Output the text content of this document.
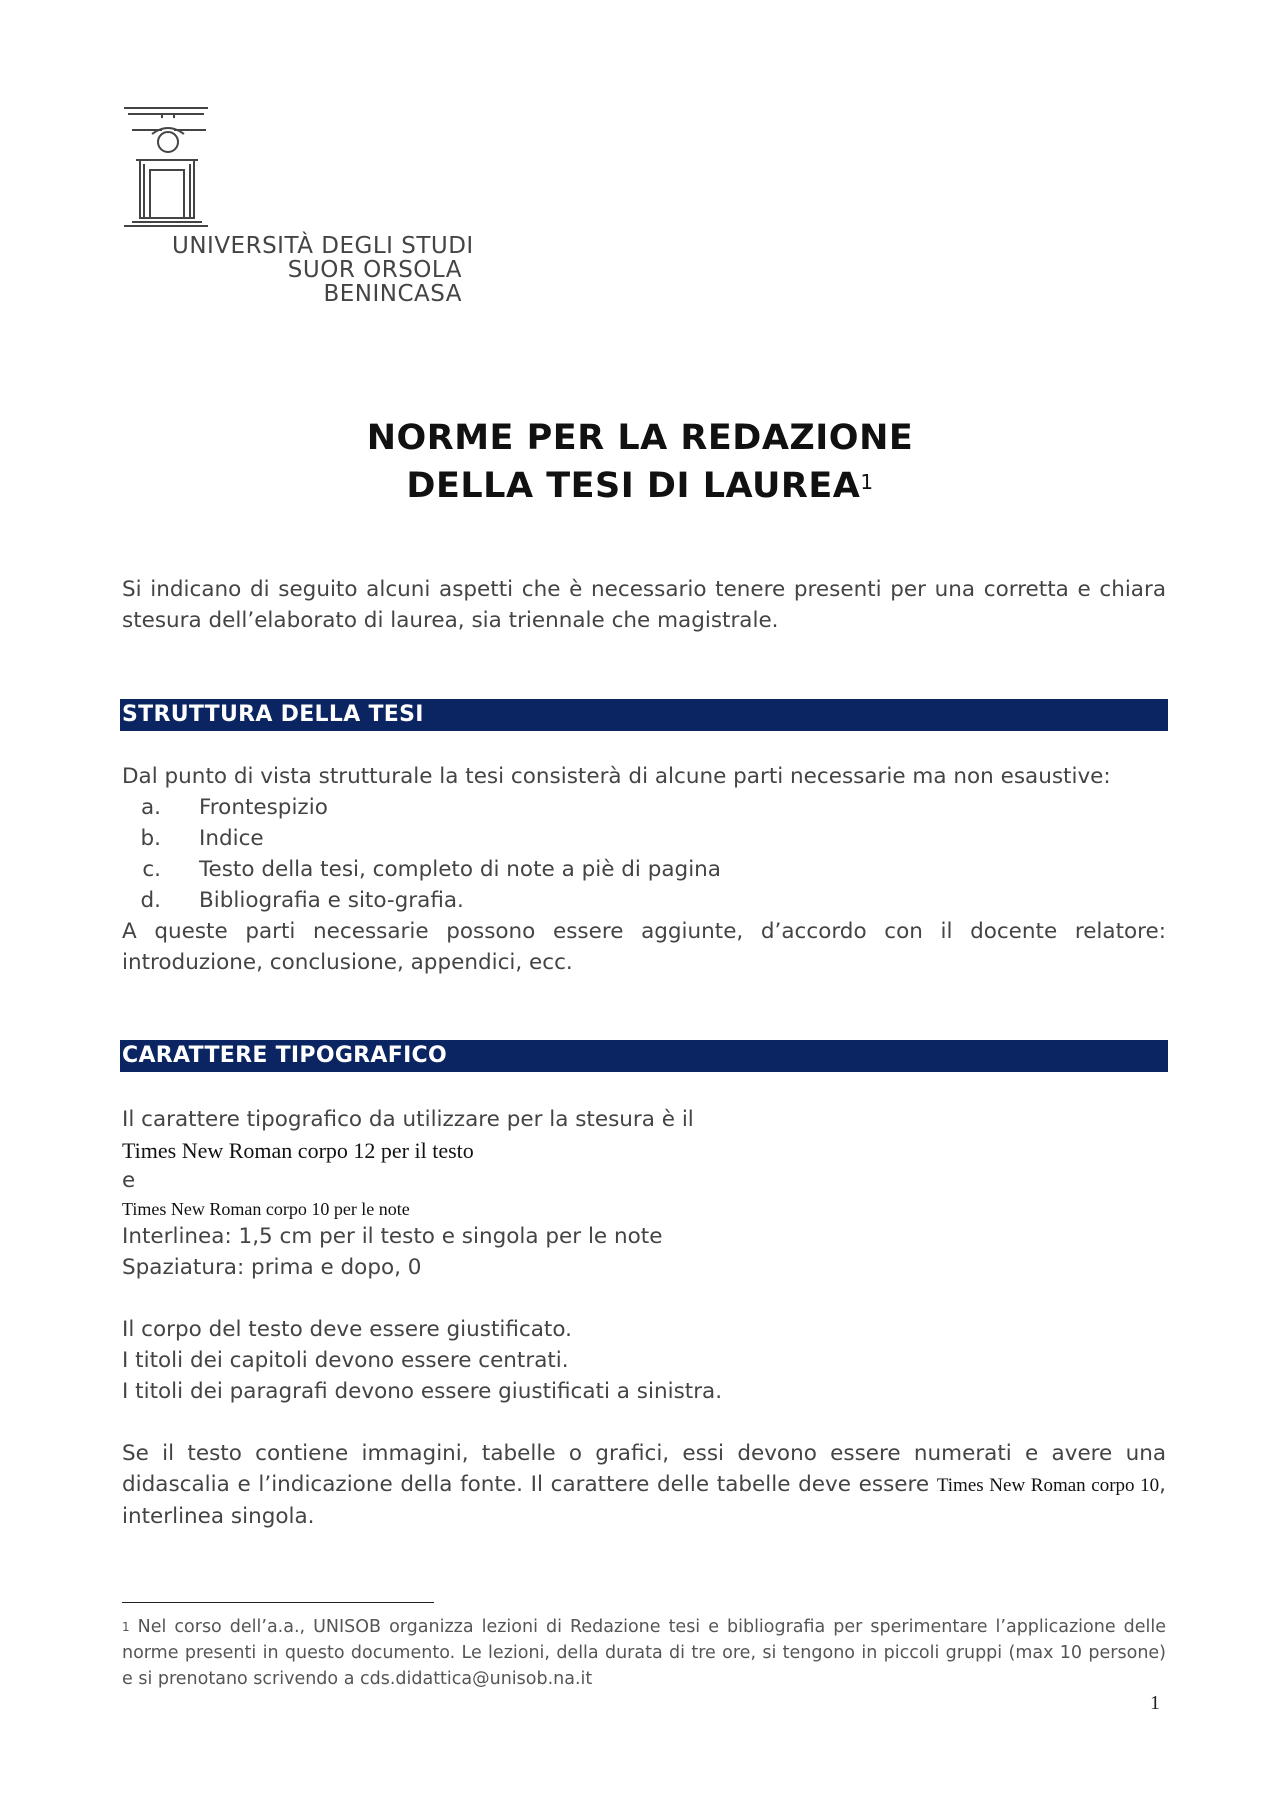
UNIVERSITÀ DEGLI STUDI
SUOR ORSOLA
BENINCASA
NORME PER LA REDAZIONE
DELLA TESI DI LAUREA$^1$
Si indicano di seguito alcuni aspetti che è necessario tenere presenti per una corretta e chiara stesura dell’elaborato di laurea, sia triennale che magistrale.
STRUTTURA DELLA TESI
Dal punto di vista strutturale la tesi consisterà di alcune parti necessarie ma non esaustive:
a.	Frontespizio
b.	Indice
c.	Testo della tesi, completo di note a piè di pagina
d.	Bibliografia e sito-grafia.
A queste parti necessarie possono essere aggiunte, d’accordo con il docente relatore: introduzione, conclusione, appendici, ecc.
CARATTERE TIPOGRAFICO
Il carattere tipografico da utilizzare per la stesura è il
Times New Roman corpo 12 per il testo
e
Times New Roman corpo 10 per le note
Interlinea: 1,5 cm per il testo e singola per le note
Spaziatura: prima e dopo, 0
Il corpo del testo deve essere giustificato.
I titoli dei capitoli devono essere centrati.
I titoli dei paragrafi devono essere giustificati a sinistra.
Se il testo contiene immagini, tabelle o grafici, essi devono essere numerati e avere una didascalia e l’indicazione della fonte. Il carattere delle tabelle deve essere Times New Roman corpo 10, interlinea singola.
$^1$ Nel corso dell’a.a., UNISOB organizza lezioni di Redazione tesi e bibliografia per sperimentare l’applicazione delle norme presenti in questo documento. Le lezioni, della durata di tre ore, si tengono in piccoli gruppi (max 10 persone) e si prenotano scrivendo a cds.didattica@unisob.na.it
1
